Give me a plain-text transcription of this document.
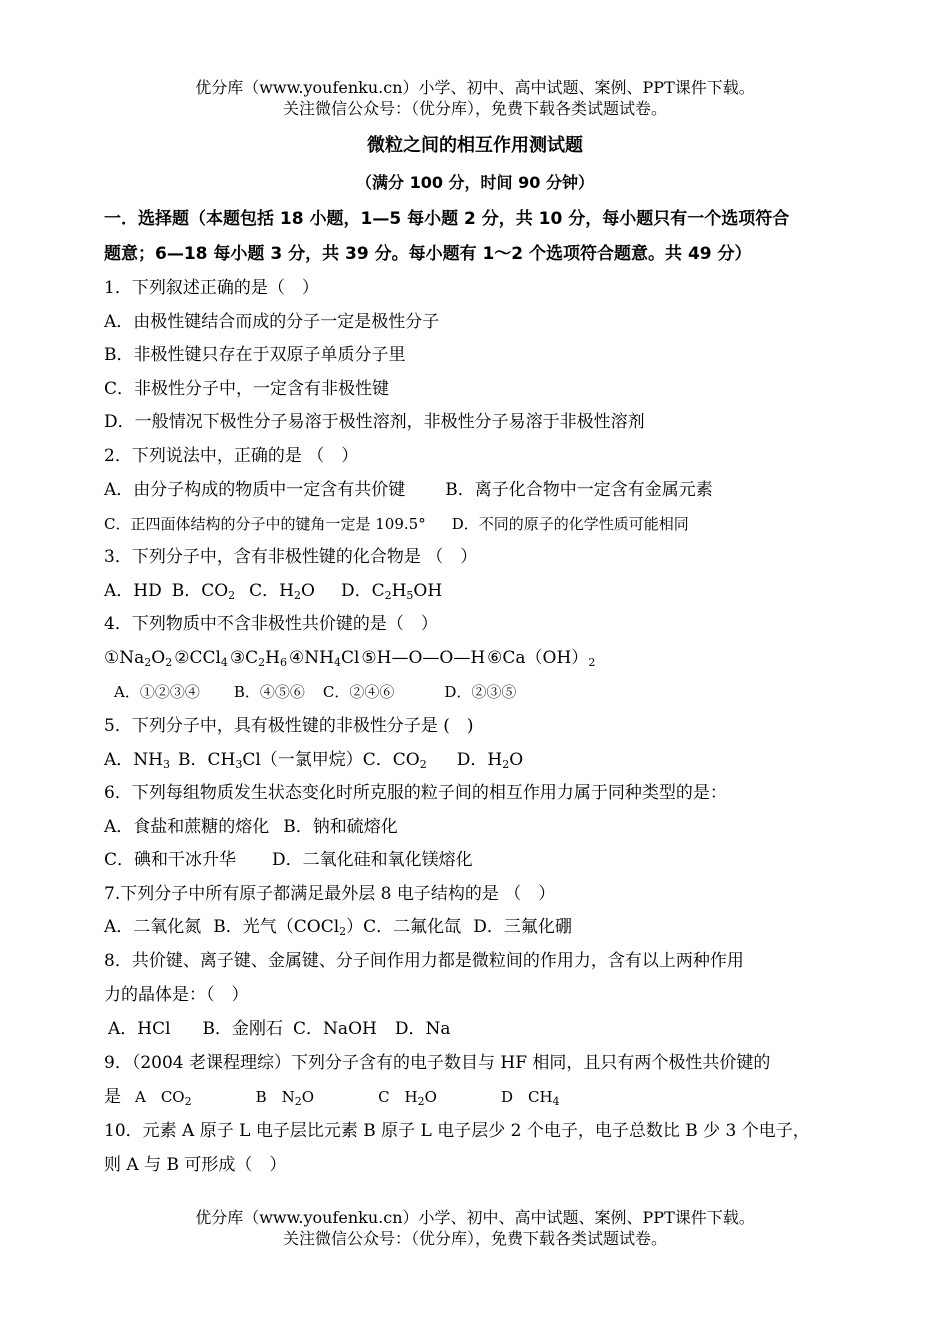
优分库（www.youfenku.cn）小学、初中、高中试题、案例、PPT课件下载。
关注微信公众号：（优分库），免费下载各类试题试卷。
微粒之间的相互作用测试题
（满分 100 分，时间 90 分钟）
一．选择题（本题包括 18 小题，1—5 每小题 2 分，共 10 分，每小题只有一个选项符合
题意；6—18 每小题 3 分，共 39 分。每小题有 1～2 个选项符合题意。共 49 分）
1．下列叙述正确的是（　）
A．由极性键结合而成的分子一定是极性分子
B．非极性键只存在于双原子单质分子里
C．非极性分子中，一定含有非极性键
D．一般情况下极性分子易溶于极性溶剂，非极性分子易溶于非极性溶剂
2．下列说法中，正确的是 （　）
A．由分子构成的物质中一定含有共价键 B．离子化合物中一定含有金属元素
C．正四面体结构的分子中的键角一定是 109.5° D．不同的原子的化学性质可能相同
3．下列分子中，含有非极性键的化合物是 （　）
A．HD B．$CO_2$ C．$H_2O$ D．$C_2H_5OH$
4．下列物质中不含非极性共价键的是（　）
$①Na_2O_2$ ②CCl$_4$ $③C_2H_6$ $④NH_4Cl$ ⑤H—O—O—H $⑥Ca(OH)_2$
A．①②③④ B．④⑤⑥ C．②④⑥	D．②③⑤
5．下列分子中，具有极性键的非极性分子是 (　)
A．$NH_3$ B．$CH_3Cl$（一氯甲烷）C．$CO_2$ D．$H_2O$
6．下列每组物质发生状态变化时所克服的粒子间的相互作用力属于同种类型的是：
A．食盐和蔗糖的熔化 B．钠和硫熔化
C．碘和干冰升华 D．二氧化硅和氧化镁熔化
7.下列分子中所有原子都满足最外层 8 电子结构的是 （　）
A．二氧化氮 B．光气（COCl$_2$）C．二氟化氙 D．三氟化硼
8．共价键、离子键、金属键、分子间作用力都是微粒间的作用力，含有以上两种作用
力的晶体是：（　）
A．HCl B．金刚石 C．NaOH D．Na
9．（2004 老课程理综）下列分子含有的电子数目与 HF 相同，且只有两个极性共价键的
是 A　$CO_2$	B　$N_2O$	C　$H_2O$	D　$CH_4$
10．元素 A 原子 L 电子层比元素 B 原子 L 电子层少 2 个电子，电子总数比 B 少 3 个电子，
则 A 与 B 可形成（　）
优分库（www.youfenku.cn）小学、初中、高中试题、案例、PPT课件下载。
关注微信公众号：（优分库），免费下载各类试题试卷。
